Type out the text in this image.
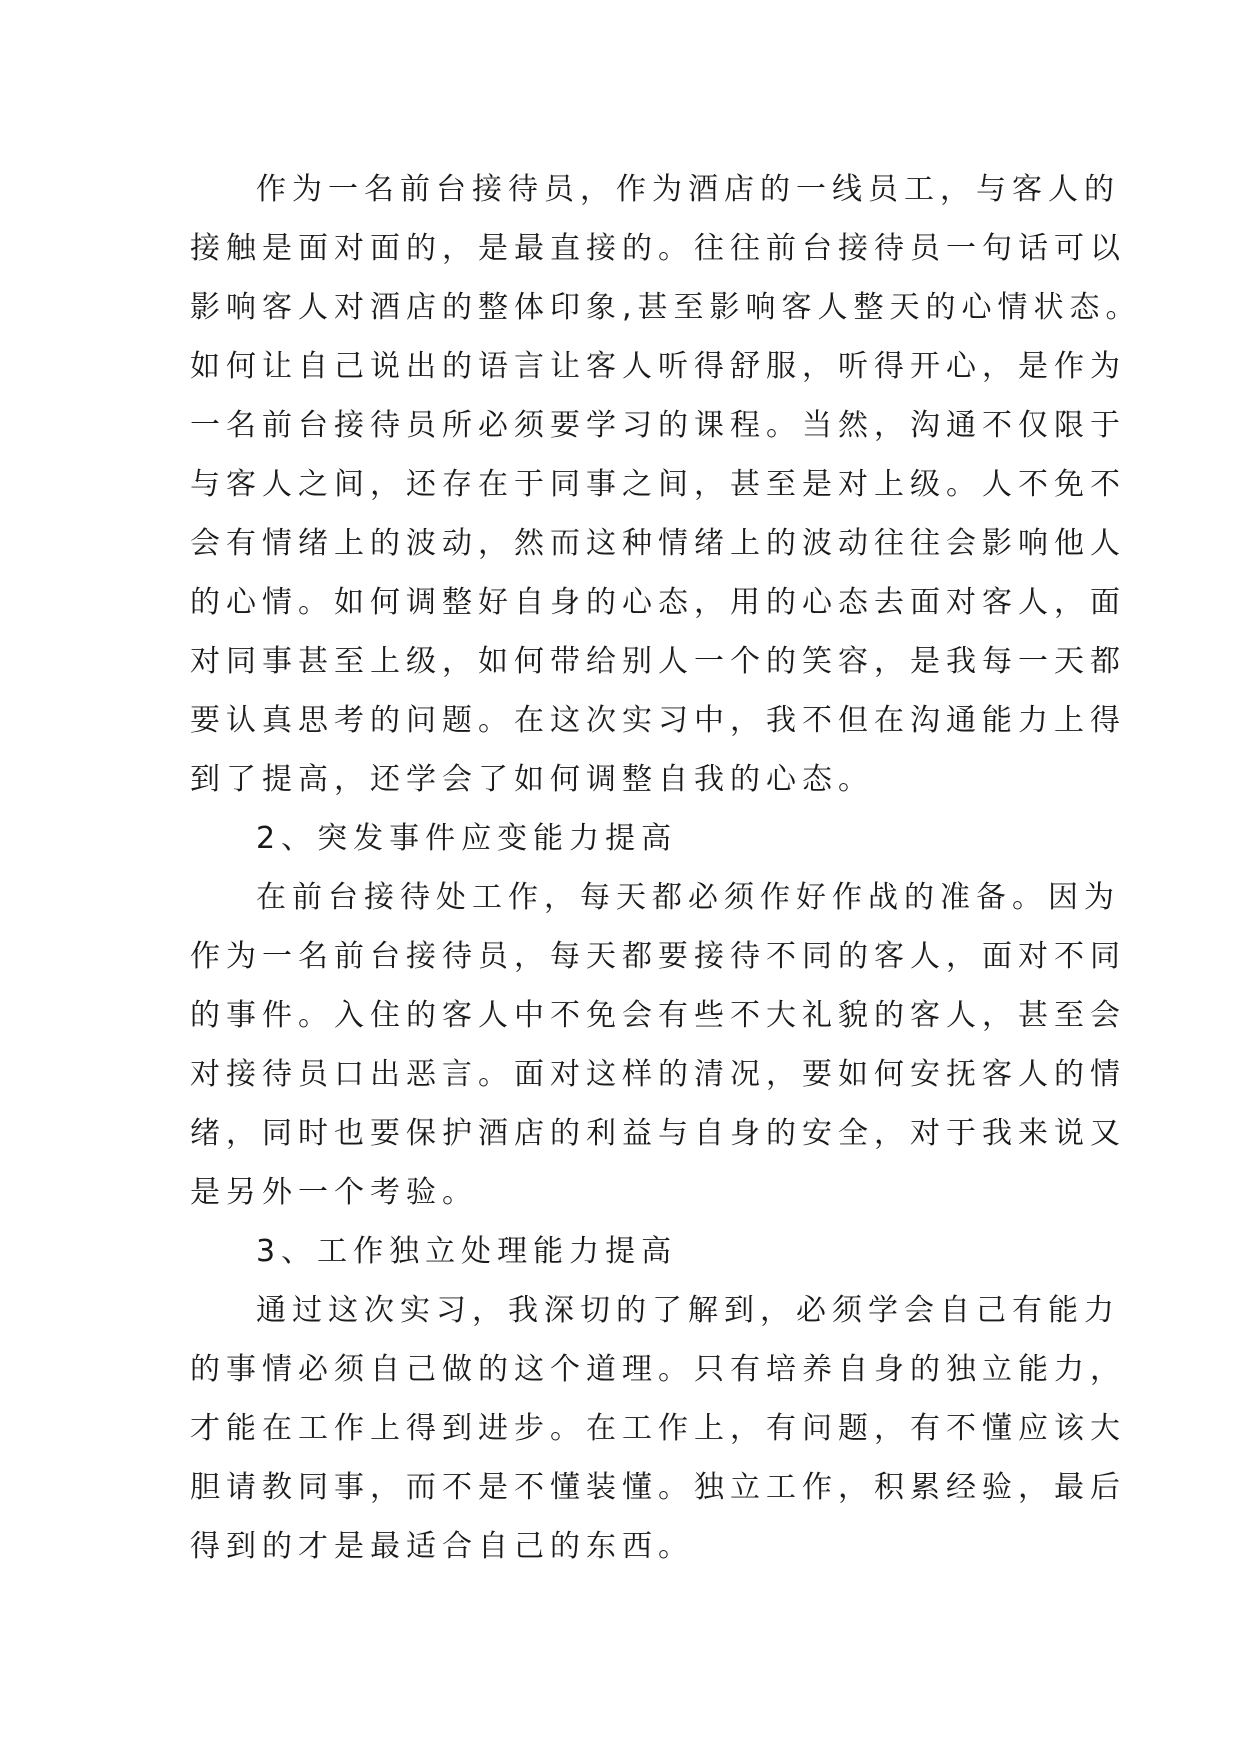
作为一名前台接待员，作为酒店的一线员工，与客人的
接触是面对面的，是最直接的。往往前台接待员一句话可以
影响客人对酒店的整体印象,甚至影响客人整天的心情状态。
如何让自己说出的语言让客人听得舒服，听得开心，是作为
一名前台接待员所必须要学习的课程。当然，沟通不仅限于
与客人之间，还存在于同事之间，甚至是对上级。人不免不
会有情绪上的波动，然而这种情绪上的波动往往会影响他人
的心情。如何调整好自身的心态，用的心态去面对客人，面
对同事甚至上级，如何带给别人一个的笑容，是我每一天都
要认真思考的问题。在这次实习中，我不但在沟通能力上得
到了提高，还学会了如何调整自我的心态。
2、突发事件应变能力提高
在前台接待处工作，每天都必须作好作战的准备。因为
作为一名前台接待员，每天都要接待不同的客人，面对不同
的事件。入住的客人中不免会有些不大礼貌的客人，甚至会
对接待员口出恶言。面对这样的清况，要如何安抚客人的情
绪，同时也要保护酒店的利益与自身的安全，对于我来说又
是另外一个考验。
3、工作独立处理能力提高
通过这次实习，我深切的了解到，必须学会自己有能力
的事情必须自己做的这个道理。只有培养自身的独立能力，
才能在工作上得到进步。在工作上，有问题，有不懂应该大
胆请教同事，而不是不懂装懂。独立工作，积累经验，最后
得到的才是最适合自己的东西。
